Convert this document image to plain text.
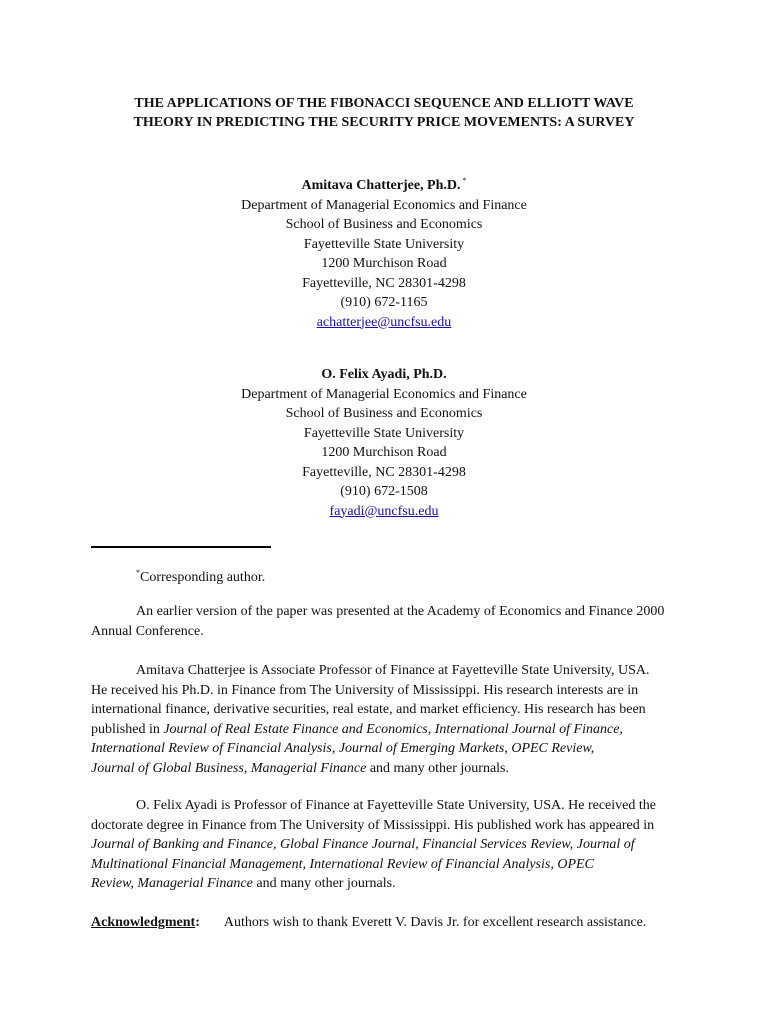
THE APPLICATIONS OF THE FIBONACCI SEQUENCE AND ELLIOTT WAVE
THEORY IN PREDICTING THE SECURITY PRICE MOVEMENTS: A SURVEY
Amitava Chatterjee, Ph.D. *
Department of Managerial Economics and Finance
School of Business and Economics
Fayetteville State University
1200 Murchison Road
Fayetteville, NC 28301-4298
(910) 672-1165
achatterjee@uncfsu.edu
O. Felix Ayadi, Ph.D.
Department of Managerial Economics and Finance
School of Business and Economics
Fayetteville State University
1200 Murchison Road
Fayetteville, NC 28301-4298
(910) 672-1508
fayadi@uncfsu.edu
*Corresponding author.
An earlier version of the paper was presented at the Academy of Economics and Finance 2000
Annual Conference.
Amitava Chatterjee is Associate Professor of Finance at Fayetteville State University, USA.
He received his Ph.D. in Finance from The University of Mississippi. His research interests are in
international finance, derivative securities, real estate, and market efficiency. His research has been
published in Journal of Real Estate Finance and Economics, International Journal of Finance,
International Review of Financial Analysis, Journal of Emerging Markets, OPEC Review,
Journal of Global Business, Managerial Finance and many other journals.
O. Felix Ayadi is Professor of Finance at Fayetteville State University, USA. He received the
doctorate degree in Finance from The University of Mississippi. His published work has appeared in
Journal of Banking and Finance, Global Finance Journal, Financial Services Review, Journal of
Multinational Financial Management, International Review of Financial Analysis, OPEC
Review, Managerial Finance and many other journals.
Acknowledgment: Authors wish to thank Everett V. Davis Jr. for excellent research assistance.
